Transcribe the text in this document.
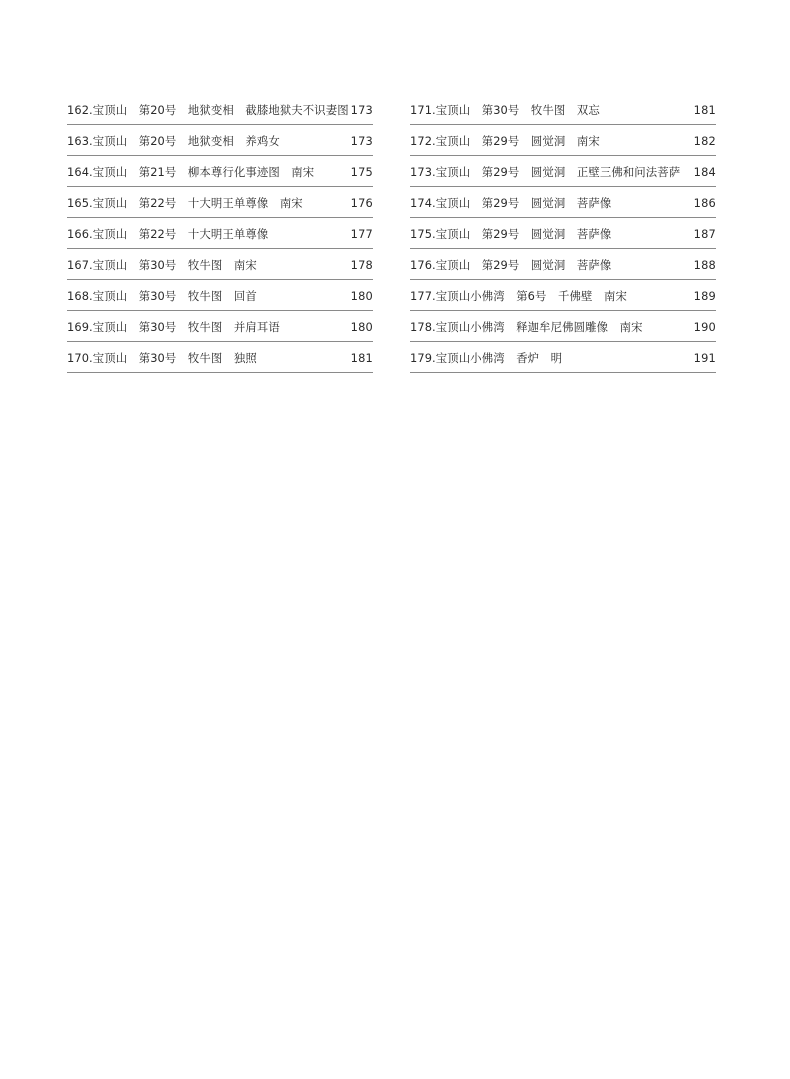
162.宝顶山　第20号　地狱变相　截膝地狱夫不识妻图 173
163.宝顶山　第20号　地狱变相　养鸡女	173
164.宝顶山　第21号　柳本尊行化事迹图　南宋	175
165.宝顶山　第22号　十大明王单尊像　南宋	176
166.宝顶山　第22号　十大明王单尊像	177
167.宝顶山　第30号　牧牛图　南宋	178
168.宝顶山　第30号　牧牛图　回首	180
169.宝顶山　第30号　牧牛图　并肩耳语	180
170.宝顶山　第30号　牧牛图　独照	181
171.宝顶山　第30号　牧牛图　双忘	181
172.宝顶山　第29号　圆觉洞　南宋	182
173.宝顶山　第29号　圆觉洞　正壁三佛和问法菩萨 184
174.宝顶山　第29号　圆觉洞　菩萨像	186
175.宝顶山　第29号　圆觉洞　菩萨像	187
176.宝顶山　第29号　圆觉洞　菩萨像	188
177.宝顶山小佛湾　第6号　千佛壁　南宋	189
178.宝顶山小佛湾　释迦牟尼佛圆雕像　南宋	190
179.宝顶山小佛湾　香炉　明	191
